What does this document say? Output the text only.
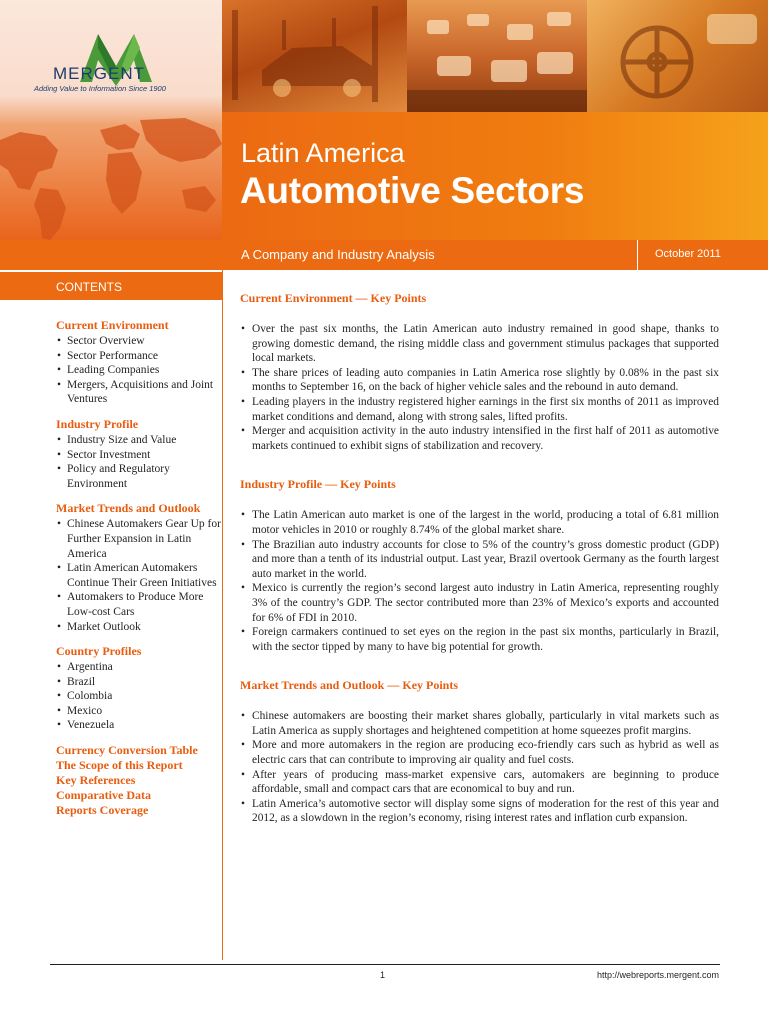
MERGENT
Adding Value to Information Since 1900
Latin America
Automotive Sectors
A Company and Industry Analysis	October 2011
CONTENTS
Current Environment
• Sector Overview
• Sector Performance
• Leading Companies
• Mergers, Acquisitions and Joint Ventures
Industry Profile
• Industry Size and Value
• Sector Investment
• Policy and Regulatory Environment
Market Trends and Outlook
• Chinese Automakers Gear Up for Further Expansion in Latin America
• Latin American Automakers Continue Their Green Initiatives
• Automakers to Produce More Low-cost Cars
• Market Outlook
Country Profiles
• Argentina
• Brazil
• Colombia
• Mexico
• Venezuela
Currency Conversion Table
The Scope of this Report
Key References
Comparative Data
Reports Coverage
Current Environment — Key Points
• Over the past six months, the Latin American auto industry remained in good shape, thanks to growing domestic demand, the rising middle class and government stimulus packages that supported local markets.
• The share prices of leading auto companies in Latin America rose slightly by 0.08% in the past six months to September 16, on the back of higher vehicle sales and the rebound in auto demand.
• Leading players in the industry registered higher earnings in the first six months of 2011 as improved market conditions and demand, along with strong sales, lifted profits.
• Merger and acquisition activity in the auto industry intensified in the first half of 2011 as automotive markets continued to exhibit signs of stabilization and recovery.
Industry Profile — Key Points
• The Latin American auto market is one of the largest in the world, producing a total of 6.81 million motor vehicles in 2010 or roughly 8.74% of the global market share.
• The Brazilian auto industry accounts for close to 5% of the country’s gross domestic product (GDP) and more than a tenth of its industrial output. Last year, Brazil overtook Germany as the fourth largest auto market in the world.
• Mexico is currently the region’s second largest auto industry in Latin America, representing roughly 3% of the country’s GDP. The sector contributed more than 23% of Mexico’s exports and accounted for 6% of FDI in 2010.
• Foreign carmakers continued to set eyes on the region in the past six months, particularly in Brazil, with the sector tipped by many to have big potential for growth.
Market Trends and Outlook — Key Points
• Chinese automakers are boosting their market shares globally, particularly in vital markets such as Latin America as supply shortages and heightened competition at home squeezes profit margins.
• More and more automakers in the region are producing eco-friendly cars such as hybrid as well as electric cars that can contribute to improving air quality and fuel costs.
• After years of producing mass-market expensive cars, automakers are beginning to produce affordable, small and compact cars that are economical to buy and run.
• Latin America’s automotive sector will display some signs of moderation for the rest of this year and 2012, as a slowdown in the region’s economy, rising interest rates and inflation curb expansion.
1	http://webreports.mergent.com
